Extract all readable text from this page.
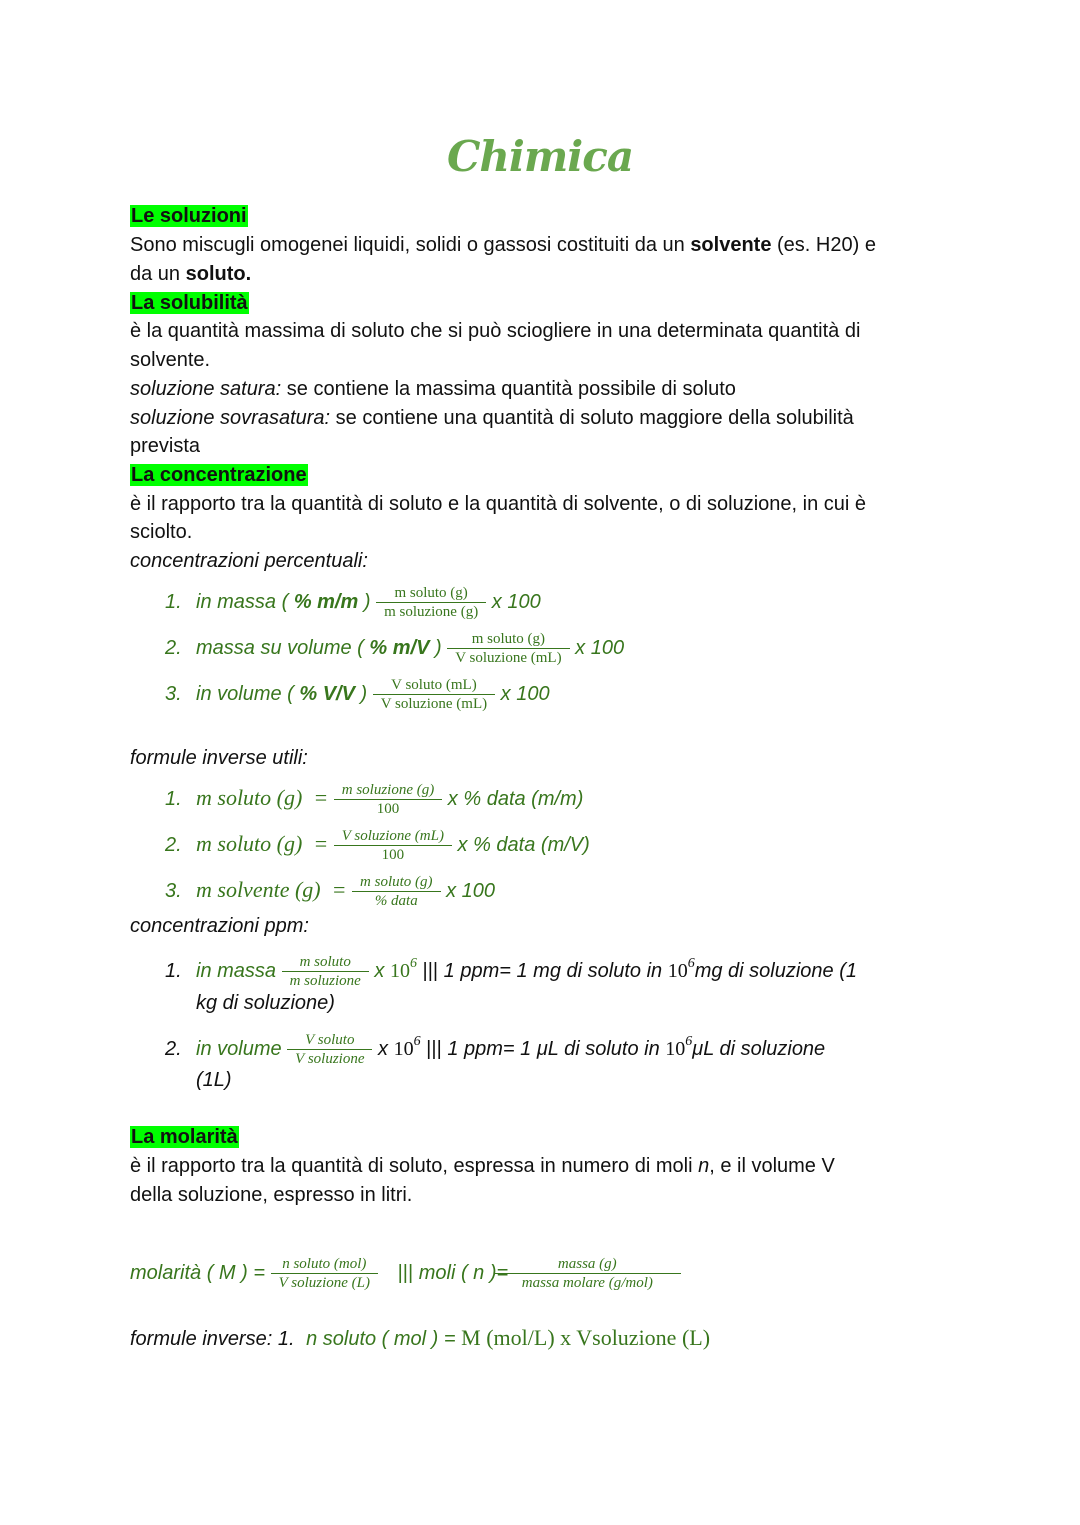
Chimica
Le soluzioni
Sono miscugli omogenei liquidi, solidi o gassosi costituiti da un solvente (es. H20) e
da un soluto.
La solubilità
è la quantità massima di soluto che si può sciogliere in una determinata quantità di
solvente.
soluzione satura: se contiene la massima quantità possibile di soluto
soluzione sovrasatura: se contiene una quantità di soluto maggiore della solubilità
prevista
La concentrazione
è il rapporto tra la quantità di soluto e la quantità di solvente, o di soluzione, in cui è
sciolto.
concentrazioni percentuali:
1. in massa ( % m/m ) $\frac{\text{m soluto (g)}}{\text{m soluzione (g)}}$ x 100
2. massa su volume ( % m/V ) $\frac{\text{m soluto (g)}}{\text{V soluzione (mL)}}$ x 100
3. in volume ( % V/V ) $\frac{\text{V soluto (mL)}}{\text{V soluzione (mL)}}$ x 100
formule inverse utili:
1. m soluto $(g) = \frac{\text{m soluzione (g)}}{100}$ x % data (m/m)
2. m soluto $(g) = \frac{\text{V soluzione (mL)}}{100}$ x % data (m/V)
3. m solvente $(g) = \frac{\text{m soluto (g)}}{\text{\% data}}$ x 100
concentrazioni ppm:
1. in massa $\frac{\text{m soluto}}{\text{m soluzione}}$ x $10^6$ ||| 1 ppm= 1 mg di soluto in $10^6mg$ di soluzione (1
kg di soluzione)
2. in volume $\frac{\text{V soluto}}{\text{V soluzione}}$ x $10^6$ ||| 1 ppm= 1 μL di soluto in $10^6\mu L$ di soluzione
(1L)
La molarità
è il rapporto tra la quantità di soluto, espressa in numero di moli n, e il volume V
della soluzione, espresso in litri.
molarità ( M ) = $\frac{\text{n soluto (mol)}}{\text{V soluzione (L)}}$ ||| moli ( n )= $\frac{\text{massa (g)}}{\text{massa molare (g/mol)}}$
formule inverse: 1. n soluto ( mol ) = M (mol/L) x Vsoluzione (L)
